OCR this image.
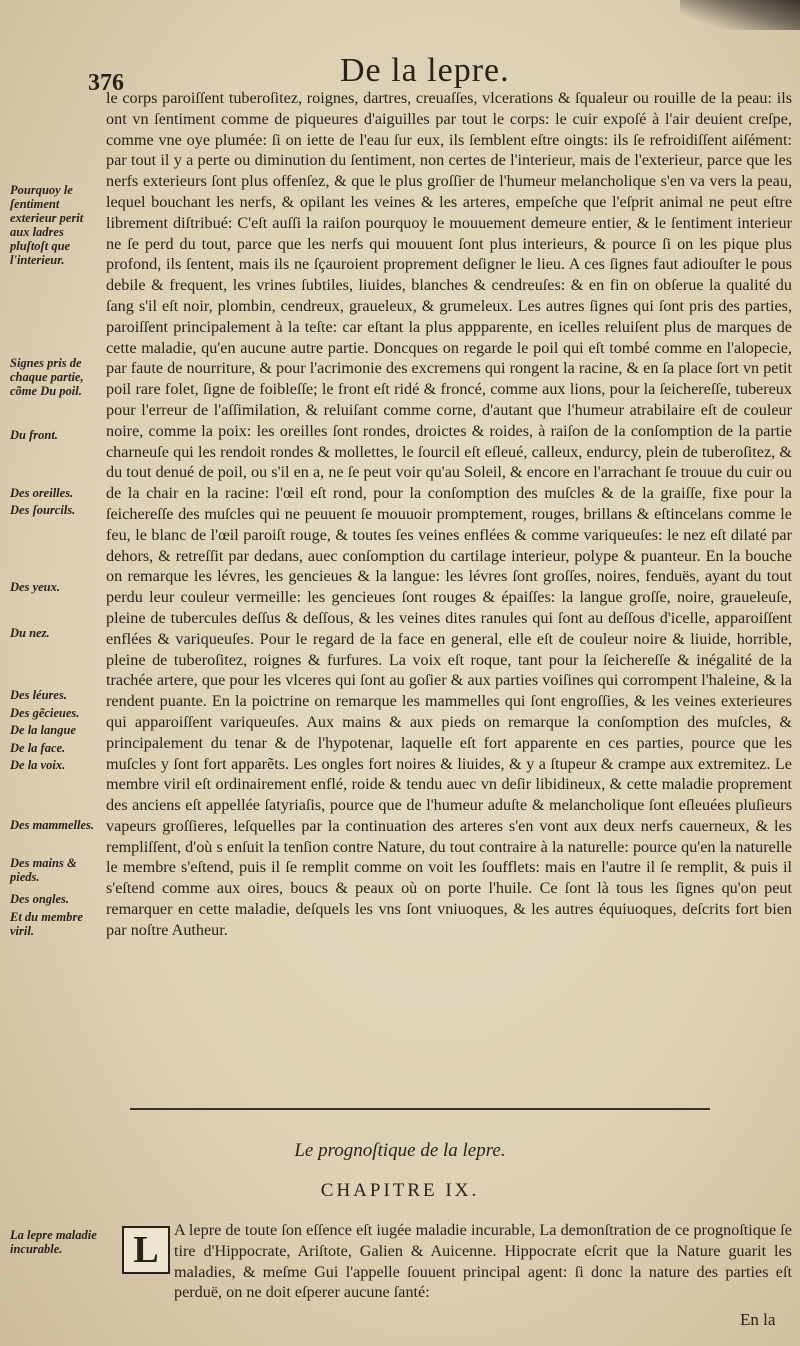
376	De la lepre.
Pourquoy le ſentiment exterieur perit aux ladres pluſtoſt que l'interieur.
Signes pris de chaque partie, cõme Du poil.
Du front.
Des oreilles.
Des ſourcils.
Des yeux.
Du nez.
Des léures.
Des gẽcieues.
De la langue
De la face.
De la voix.
Des mammelles.
Des mains & pieds.
Des ongles.
Et du membre viril.
La lepre maladie incurable.

le corps paroiſſent tuberoſitez, roignes, dartres, creuaſſes, vlcerations & ſqualeur ou rouille de la peau: ils ont vn ſentiment comme de piqueures d'aiguilles par tout le corps: le cuir expoſé à l'air deuient creſpe, comme vne oye plumée: ſi on iette de l'eau ſur eux, ils ſemblent eſtre oingts: ils ſe refroidiſſent aiſément: par tout il y a perte ou diminution du ſentiment, non certes de l'interieur, mais de l'exterieur, parce que les nerfs exterieurs ſont plus offenſez, & que le plus groſſier de l'humeur melancholique s'en va vers la peau, lequel bouchant les nerfs, & opilant les veines & les arteres, empeſche que l'eſprit animal ne peut eſtre librement diſtribué: C'eſt auſſi la raiſon pourquoy le mouuement demeure entier, & le ſentiment interieur ne ſe perd du tout, parce que les nerfs qui mouuent ſont plus interieurs, & pource ſi on les pique plus profond, ils ſentent, mais ils ne ſçauroient proprement deſigner le lieu. A ces ſignes faut adiouſter le pous debile & frequent, les vrines ſubtiles, liuides, blanches & cendreuſes: & en fin on obſerue la qualité du ſang s'il eſt noir, plombin, cendreux, graueleux, & grumeleux. Les autres ſignes qui ſont pris des parties, paroiſſent principalement à la teſte: car eſtant la plus appparente, en icelles reluiſent plus de marques de cette maladie, qu'en aucune autre partie. Doncques on regarde le poil qui eſt tombé comme en l'alopecie, par faute de nourriture, & pour l'acrimonie des excremens qui rongent la racine, & en ſa place ſort vn petit poil rare folet, ſigne de foibleſſe; le front eſt ridé & froncé, comme aux lions, pour la ſeichereſſe, tubereux pour l'erreur de l'aſſimilation, & reluiſant comme corne, d'autant que l'humeur atrabilaire eſt de couleur noire, comme la poix: les oreilles ſont rondes, droictes & roides, à raiſon de la conſomption de la partie charneuſe qui les rendoit rondes & mollettes, le ſourcil eſt eſleué, calleux, endurcy, plein de tuberoſitez, & du tout denué de poil, ou s'il en a, ne ſe peut voir qu'au Soleil, & encore en l'arrachant ſe trouue du cuir ou de la chair en la racine: l'œil eſt rond, pour la conſomption des muſcles & de la graiſſe, fixe pour la ſeichereſſe des muſcles qui ne peuuent ſe mouuoir promptement, rouges, brillans & eſtincelans comme le feu, le blanc de l'œil paroiſt rouge, & toutes ſes veines enflées & comme variqueuſes: le nez eſt dilaté par dehors, & retreſſit par dedans, auec conſomption du cartilage interieur, polype & puanteur. En la bouche on remarque les lévres, les gencieues & la langue: les lévres ſont groſſes, noires, fenduës, ayant du tout perdu leur couleur vermeille: les gencieues ſont rouges & épaiſſes: la langue groſſe, noire, graueleuſe, pleine de tubercules deſſus & deſſous, & les veines dites ranules qui ſont au deſſous d'icelle, apparoiſſent enflées & variqueuſes. Pour le regard de la face en general, elle eſt de couleur noire & liuide, horrible, pleine de tuberoſitez, roignes & furfures. La voix eſt roque, tant pour la ſeichereſſe & inégalité de la trachée artere, que pour les vlceres qui ſont au goſier & aux parties voiſines qui corrompent l'haleine, & la rendent puante. En la poictrine on remarque les mammelles qui ſont engroſſies, & les veines exterieures qui apparoiſſent variqueuſes. Aux mains & aux pieds on remarque la conſomption des muſcles, & principalement du tenar & de l'hypotenar, laquelle eſt fort apparente en ces parties, pource que les muſcles y ſont fort apparẽts. Les ongles fort noires & liuides, & y a ſtupeur & crampe aux extremitez. Le membre viril eſt ordinairement enflé, roide & tendu auec vn deſir libidineux, & cette maladie proprement des anciens eſt appellée ſatyriaſis, pource que de l'humeur aduſte & melancholique ſont eſleuées pluſieurs vapeurs groſſieres, leſquelles par la continuation des arteres s'en vont aux deux nerfs cauerneux, & les rempliſſent, d'où s enſuit la tenſion contre Nature, du tout contraire à la naturelle: pource qu'en la naturelle le membre s'eſtend, puis il ſe remplit comme on voit les ſoufflets: mais en l'autre il ſe remplit, & puis il s'eſtend comme aux oires, boucs & peaux où on porte l'huile. Ce ſont là tous les ſignes qu'on peut remarquer en cette maladie, deſquels les vns ſont vniuoques, & les autres équiuoques, deſcrits fort bien par noſtre Autheur.

Le prognoſtique de la lepre.
CHAPITRE IX.
L A lepre de toute ſon eſſence eſt iugée maladie incurable, La demonſtration de ce prognoſtique ſe tire d'Hippocrate, Ariſtote, Galien & Auicenne. Hippocrate eſcrit que la Nature guarit les maladies, & meſme Gui l'appelle ſouuent principal agent: ſi donc la nature des parties eſt perduë, on ne doit eſperer aucune ſanté:

En la
